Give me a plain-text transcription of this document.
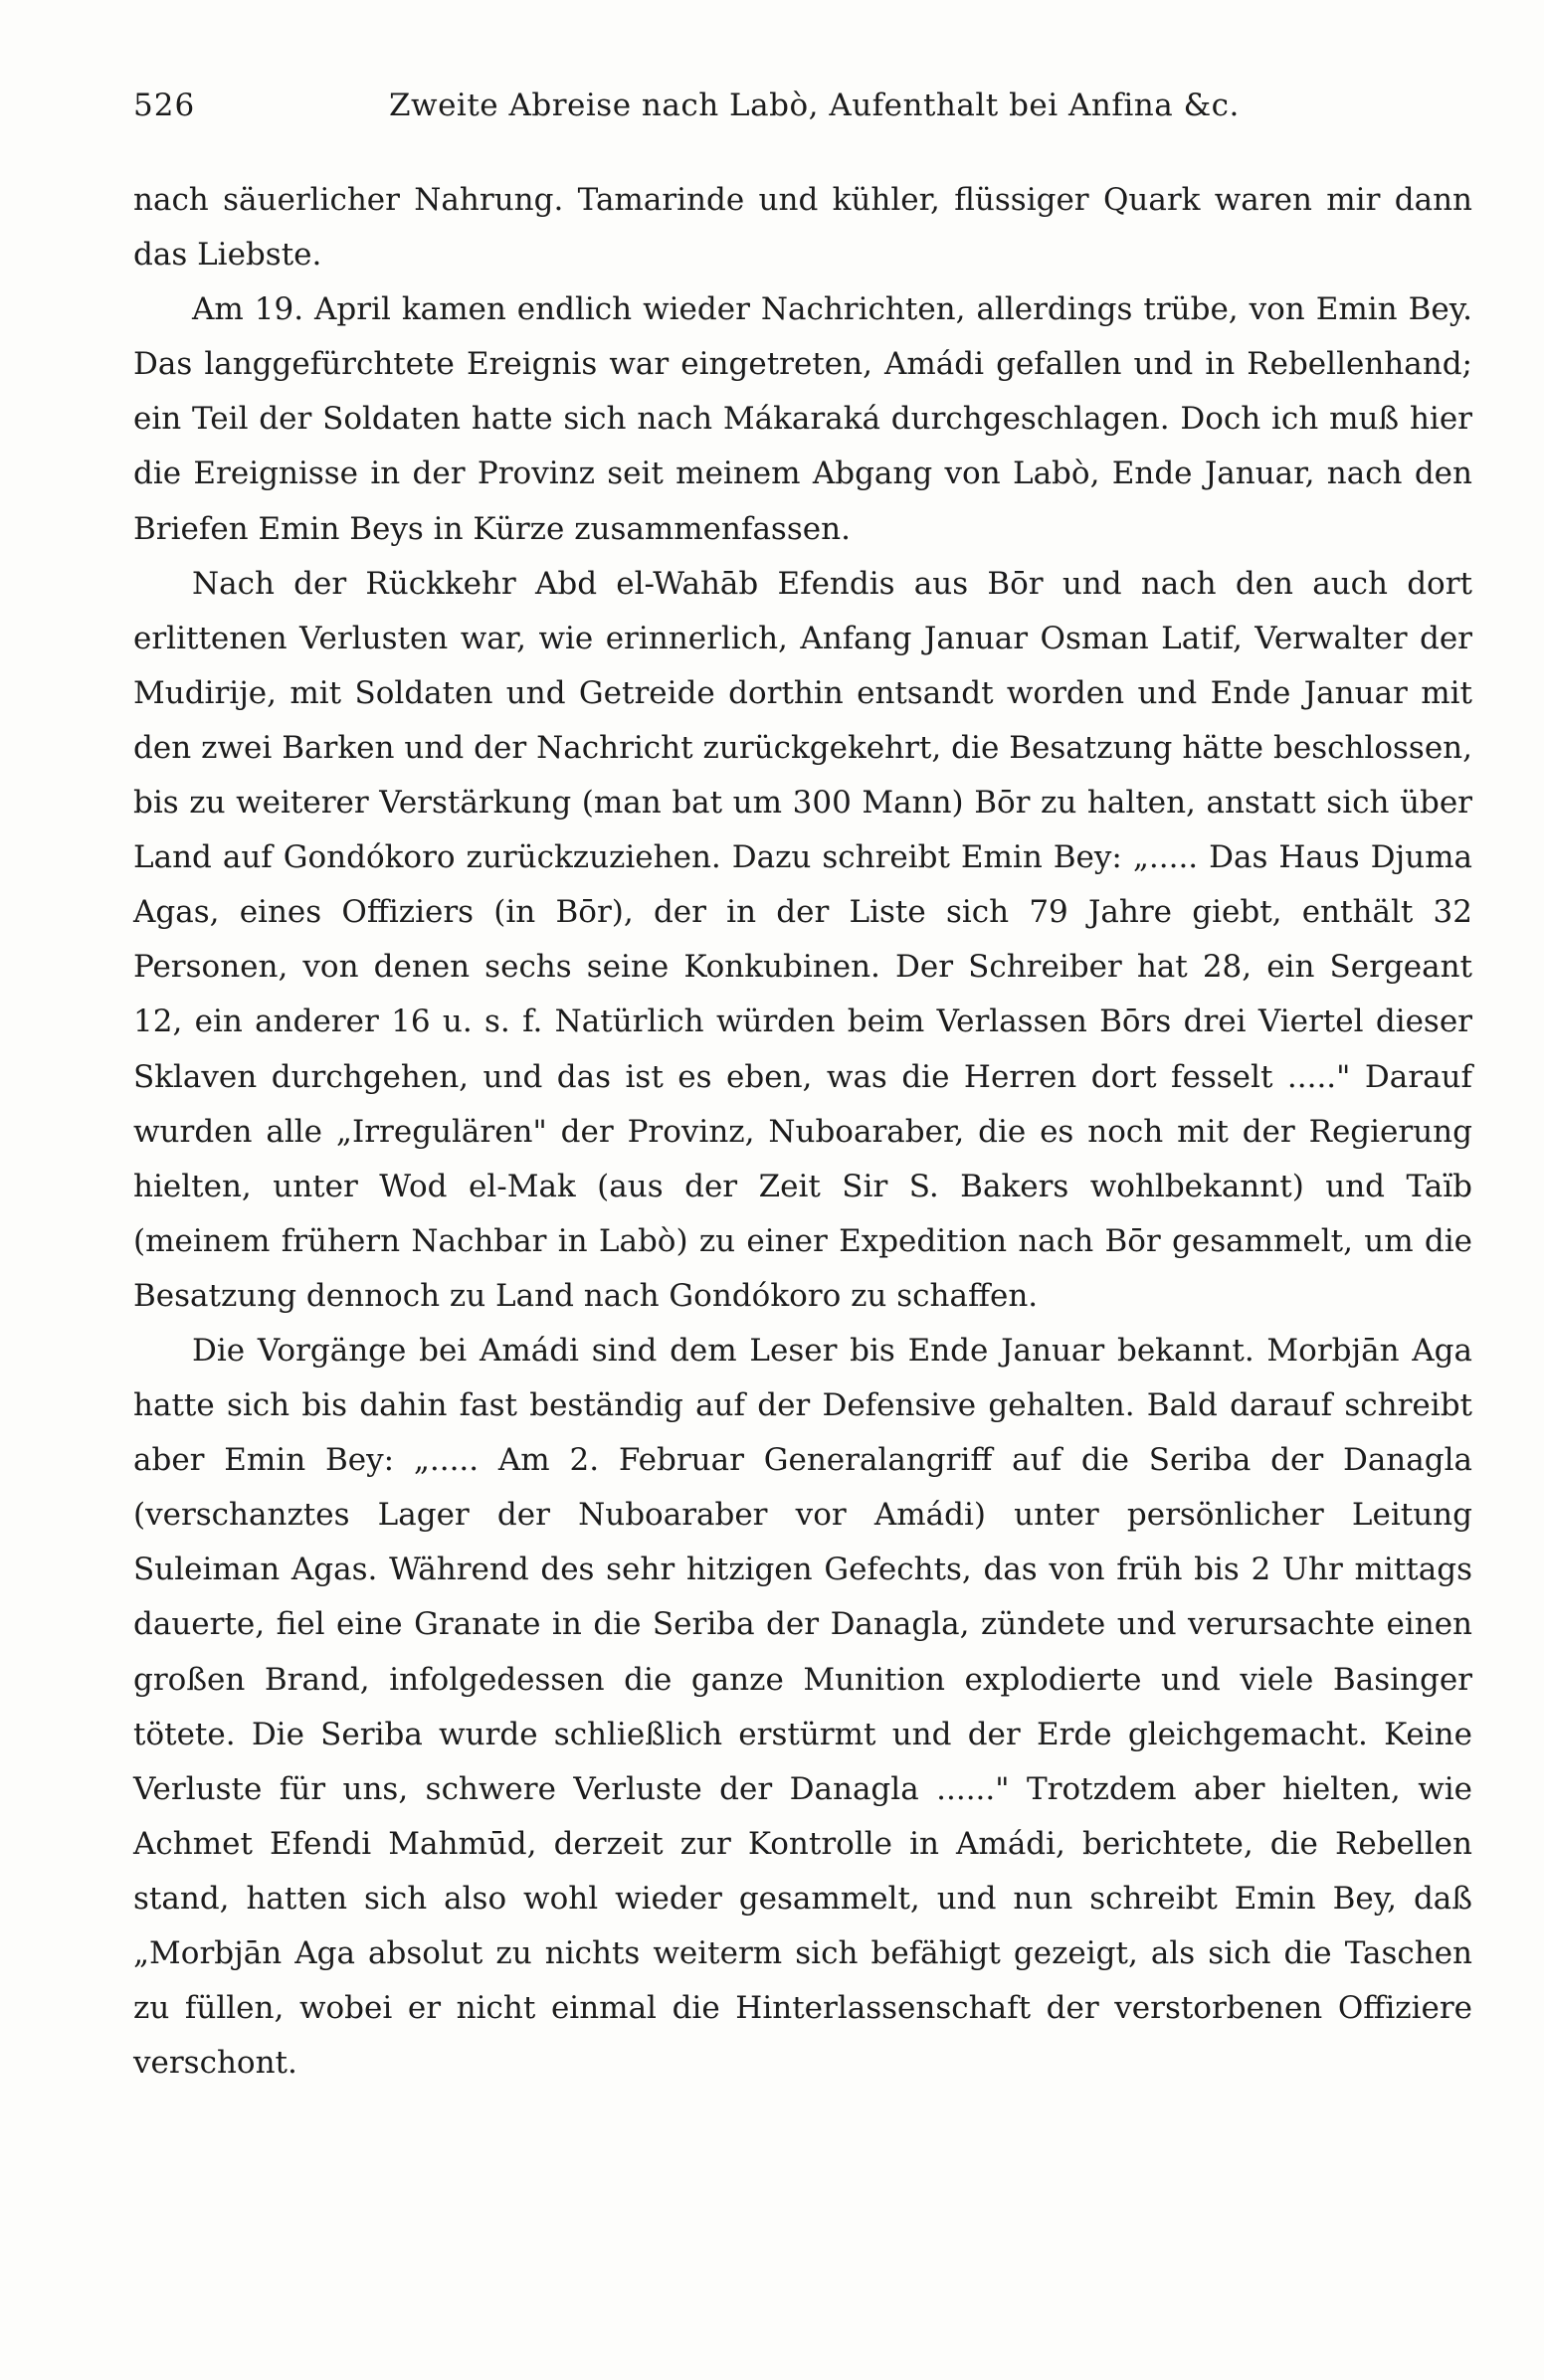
526	Zweite Abreise nach Labò, Aufenthalt bei Anfina &c.

nach säuerlicher Nahrung. Tamarinde und kühler, flüssiger Quark waren mir dann das Liebste.

Am 19. April kamen endlich wieder Nachrichten, allerdings trübe, von Emin Bey. Das langgefürchtete Ereignis war eingetreten, Amádi gefallen und in Rebellenhand; ein Teil der Soldaten hatte sich nach Mákaraká durchgeschlagen. Doch ich muß hier die Ereignisse in der Provinz seit meinem Abgang von Labò, Ende Januar, nach den Briefen Emin Beys in Kürze zusammenfassen.

Nach der Rückkehr Abd el-Wahāb Efendis aus Bōr und nach den auch dort erlittenen Verlusten war, wie erinnerlich, Anfang Januar Osman Latif, Verwalter der Mudirije, mit Soldaten und Getreide dorthin entsandt worden und Ende Januar mit den zwei Barken und der Nachricht zurückgekehrt, die Besatzung hätte beschlossen, bis zu weiterer Verstärkung (man bat um 300 Mann) Bōr zu halten, anstatt sich über Land auf Gondókoro zurückzuziehen. Dazu schreibt Emin Bey: „..... Das Haus Djuma Agas, eines Offiziers (in Bōr), der in der Liste sich 79 Jahre giebt, enthält 32 Personen, von denen sechs seine Konkubinen. Der Schreiber hat 28, ein Sergeant 12, ein anderer 16 u. s. f. Natürlich würden beim Verlassen Bōrs drei Viertel dieser Sklaven durchgehen, und das ist es eben, was die Herren dort fesselt ....." Darauf wurden alle „Irregulären" der Provinz, Nuboaraber, die es noch mit der Regierung hielten, unter Wod el-Mak (aus der Zeit Sir S. Bakers wohlbekannt) und Taïb (meinem frühern Nachbar in Labò) zu einer Expedition nach Bōr gesammelt, um die Besatzung dennoch zu Land nach Gondókoro zu schaffen.

Die Vorgänge bei Amádi sind dem Leser bis Ende Januar bekannt. Morbjān Aga hatte sich bis dahin fast beständig auf der Defensive gehalten. Bald darauf schreibt aber Emin Bey: „..... Am 2. Februar Generalangriff auf die Seriba der Danagla (verschanztes Lager der Nuboaraber vor Amádi) unter persönlicher Leitung Suleiman Agas. Während des sehr hitzigen Gefechts, das von früh bis 2 Uhr mittags dauerte, fiel eine Granate in die Seriba der Danagla, zündete und verursachte einen großen Brand, infolgedessen die ganze Munition explodierte und viele Basinger tötete. Die Seriba wurde schließlich erstürmt und der Erde gleichgemacht. Keine Verluste für uns, schwere Verluste der Danagla ......" Trotzdem aber hielten, wie Achmet Efendi Mahmūd, derzeit zur Kontrolle in Amádi, berichtete, die Rebellen stand, hatten sich also wohl wieder gesammelt, und nun schreibt Emin Bey, daß „Morbjān Aga absolut zu nichts weiterm sich befähigt gezeigt, als sich die Taschen zu füllen, wobei er nicht einmal die Hinterlassenschaft der verstorbenen Offiziere verschont.
